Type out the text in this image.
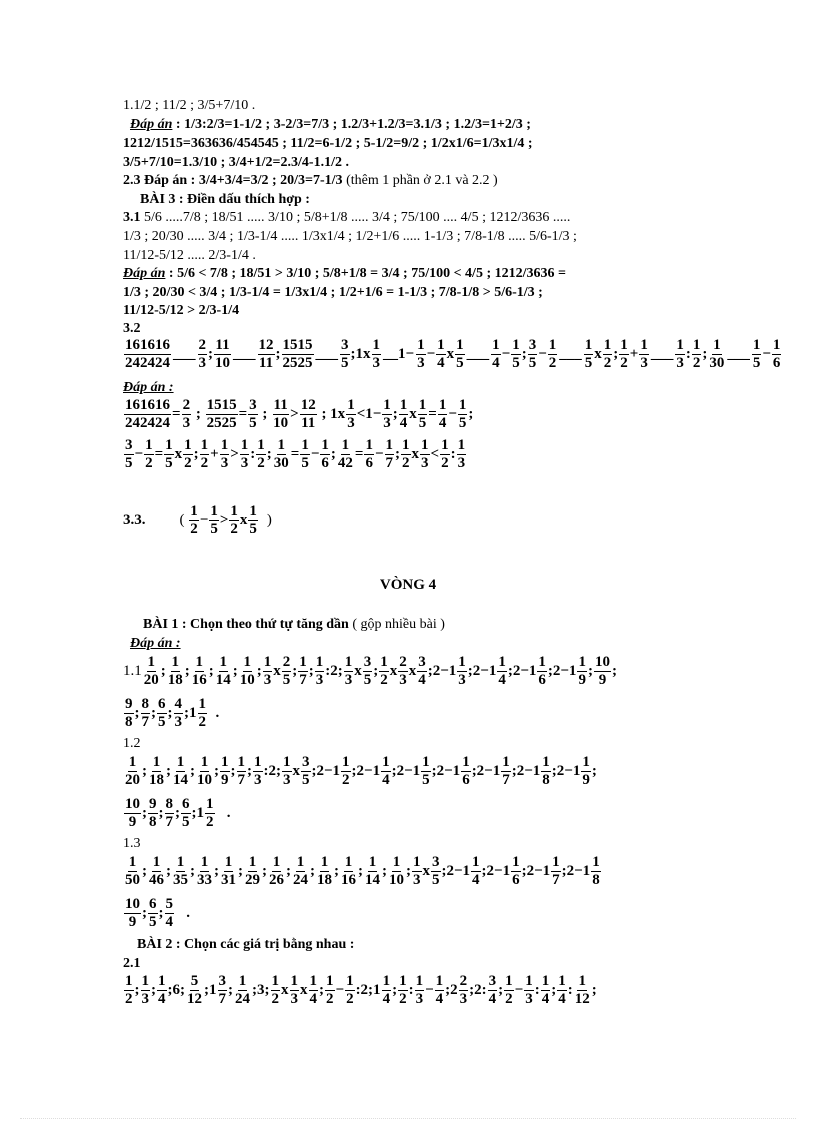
1.1/2 ; 11/2 ; 3/5+7/10 .
Đáp án : 1/3:2/3=1-1/2 ; 3-2/3=7/3 ; 1.2/3+1.2/3=3.1/3 ; 1.2/3=1+2/3 ;
1212/1515=363636/454545 ; 11/2=6-1/2 ; 5-1/2=9/2 ; 1/2x1/6=1/3x1/4 ;
3/5+7/10=1.3/10 ; 3/4+1/2=2.3/4-1.1/2 .
2.3 Đáp án : 3/4+3/4=3/2 ; 20/3=7-1/3 (thêm 1 phần ở 2.1 và 2.2 )
BÀI 3 : Điền dấu thích hợp :
3.1 5/6 .....7/8 ; 18/51 ..... 3/10 ; 5/8+1/8 ..... 3/4 ; 75/100 .... 4/5 ; 1212/3636 .....
1/3 ; 20/30 ..... 3/4 ; 1/3-1/4 ..... 1/3x1/4 ; 1/2+1/6 ..... 1-1/3 ; 7/8-1/8 ..... 5/6-1/3 ;
11/12-5/12 ..... 2/3-1/4 .
Đáp án : 5/6 < 7/8 ; 18/51 > 3/10 ; 5/8+1/8 = 3/4 ; 75/100 < 4/5 ; 1212/3636 =
1/3 ; 20/30 < 3/4 ; 1/3-1/4 = 1/3x1/4 ; 1/2+1/6 = 1-1/3 ; 7/8-1/8 > 5/6-1/3 ;
11/12-5/12 > 2/3-1/4
3.2
$\frac{161616}{242424}$ ___ $\frac{2}{3}$ ; $\frac{11}{10}$ ___ $\frac{12}{11}$ ; $\frac{1515}{2525}$ ___ $\frac{3}{5}$ ;1x $\frac{1}{3}$ __1− $\frac{1}{3} - \frac{1}{4}$ x $\frac{1}{5}$ ___ $\frac{1}{4} - \frac{1}{5}$ ; $\frac{3}{5} - \frac{1}{2}$ ___ $\frac{1}{5}$ x $\frac{1}{2}$ ; $\frac{1}{2} + \frac{1}{3}$ ___ $\frac{1}{3}$ : $\frac{1}{2}$ ; $\frac{1}{30}$ ___ $\frac{1}{5} - \frac{1}{6}$
Đáp án :
$\frac{161616}{242424} = \frac{2}{3}$ ; $\frac{1515}{2525} = \frac{3}{5}$ ; $\frac{11}{10} > \frac{12}{11}$ ; $1x \frac{1}{3} <1- \frac{1}{3}$ ; $\frac{1}{4}$ x $\frac{1}{5} = \frac{1}{4} - \frac{1}{5}$ ;
$\frac{3}{5} - \frac{1}{2} = \frac{1}{5}$ x $\frac{1}{2}$ ; $\frac{1}{2} + \frac{1}{3} > \frac{1}{3}$ : $\frac{1}{2}$ ; $\frac{1}{30} = \frac{1}{5} - \frac{1}{6}$ ; $\frac{1}{42} = \frac{1}{6} - \frac{1}{7}$ ; $\frac{1}{2}$ x $\frac{1}{3} < \frac{1}{2}$ : $\frac{1}{3}$
3.3. (
$\frac{1}{2} - \frac{1}{5} > \frac{1}{2}$ x $\frac{1}{5}$ )
VÒNG 4
BÀI 1 : Chọn theo thứ tự tăng dần ( gộp nhiều bài )
Đáp án :
$1.1 \frac{1}{20}$ ; $\frac{1}{18}$ ; $\frac{1}{16}$ ; $\frac{1}{14}$ ; $\frac{1}{10}$ ; $\frac{1}{3}$ x $\frac{2}{5}$ ; $\frac{1}{7}$ ; $\frac{1}{3}$ :2; $\frac{1}{3}$ x $\frac{3}{5}$ ; $\frac{1}{2}$ x $\frac{2}{3}$ x $\frac{3}{4}$ ;2−1 $\frac{1}{3}$ ;2−1 $\frac{1}{4}$ ;2−1 $\frac{1}{6}$ ;2−1 $\frac{1}{9}$ ; $\frac{10}{9}$ ;
$\frac{9}{8}$ ; $\frac{8}{7}$ ; $\frac{6}{5}$ ; $\frac{4}{3}$ ;1 $\frac{1}{2}$ .
1.2
$\frac{1}{20}$ ; $\frac{1}{18}$ ; $\frac{1}{14}$ ; $\frac{1}{10}$ ; $\frac{1}{9}$ ; $\frac{1}{7}$ ; $\frac{1}{3}$ :2; $\frac{1}{3}$ x $\frac{3}{5}$ ;2−1 $\frac{1}{2}$ ;2−1 $\frac{1}{4}$ ;2−1 $\frac{1}{5}$ ;2−1 $\frac{1}{6}$ ;2−1 $\frac{1}{7}$ ;2−1 $\frac{1}{8}$ ;2−1 $\frac{1}{9}$ ;
$\frac{10}{9}$ ; $\frac{9}{8}$ ; $\frac{8}{7}$ ; $\frac{6}{5}$ ;1 $\frac{1}{2}$ .
1.3
$\frac{1}{50}$ ; $\frac{1}{46}$ ; $\frac{1}{35}$ ; $\frac{1}{33}$ ; $\frac{1}{31}$ ; $\frac{1}{29}$ ; $\frac{1}{26}$ ; $\frac{1}{24}$ ; $\frac{1}{18}$ ; $\frac{1}{16}$ ; $\frac{1}{14}$ ; $\frac{1}{10}$ ; $\frac{1}{3}$ x $\frac{3}{5}$ ;2−1 $\frac{1}{4}$ ;2−1 $\frac{1}{6}$ ;2−1 $\frac{1}{7}$ ;2−1 $\frac{1}{8}$
$\frac{10}{9}$ ; $\frac{6}{5}$ ; $\frac{5}{4}$ .
BÀI 2 : Chọn các giá trị bằng nhau :
2.1
$\frac{1}{2}$ ; $\frac{1}{3}$ ; $\frac{1}{4}$ ;6; $\frac{5}{12}$ ;1 $\frac{3}{7}$ ; $\frac{1}{24}$ ;3; $\frac{1}{2}$ x $\frac{1}{3}$ x $\frac{1}{4}$ ; $\frac{1}{2} - \frac{1}{2}$ :2;1 $\frac{1}{4}$ ; $\frac{1}{2}$ : $\frac{1}{3} - \frac{1}{4}$ ;2 $\frac{2}{3}$ ;2: $\frac{3}{4}$ ; $\frac{1}{2} - \frac{1}{3}$ : $\frac{1}{4}$ ; $\frac{1}{4}$ : $\frac{1}{12}$ ;
